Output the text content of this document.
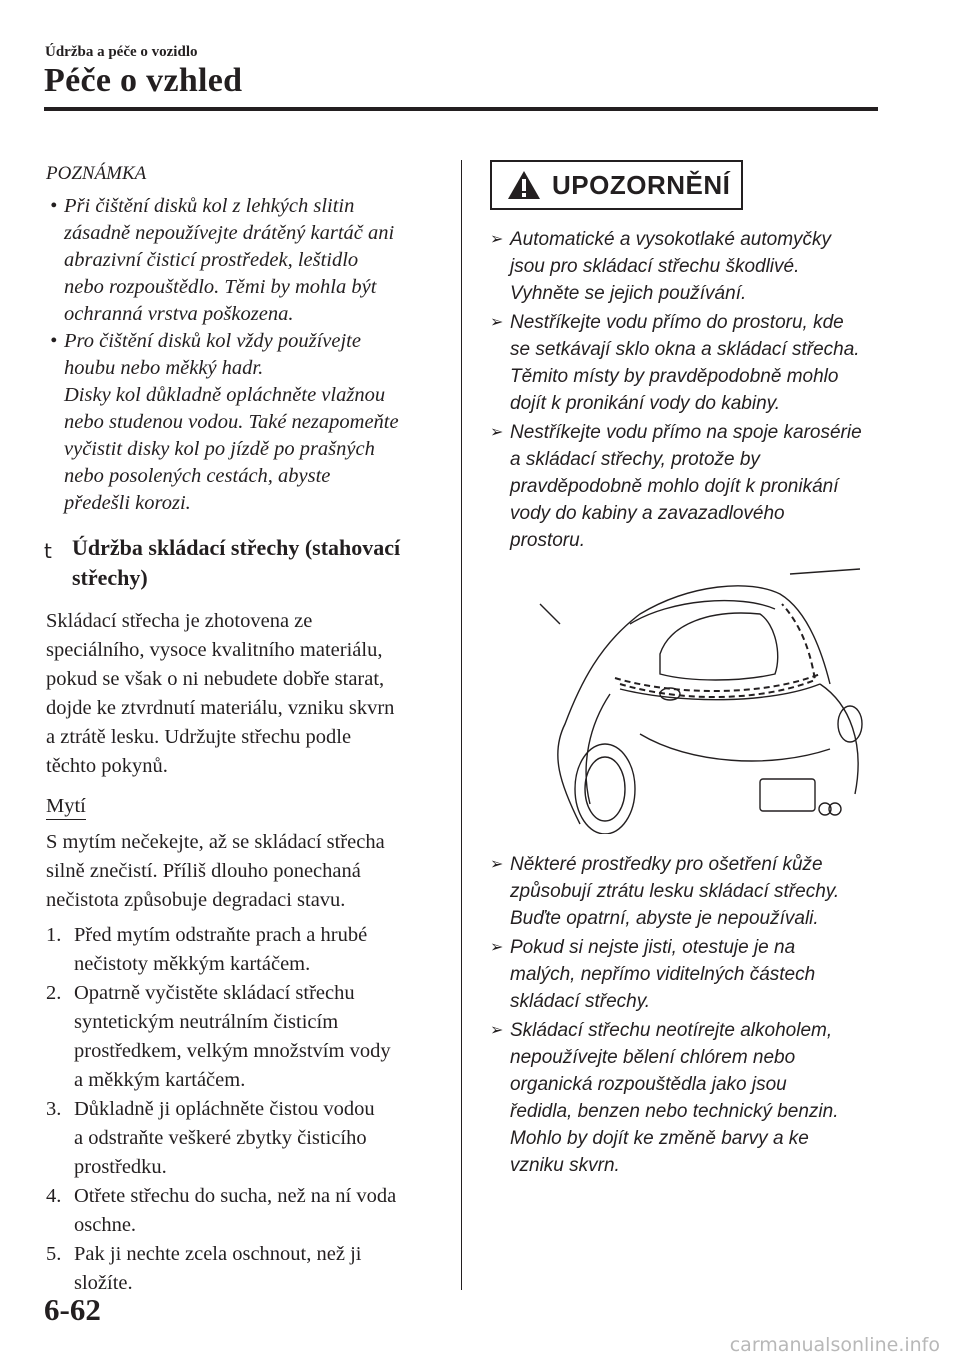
Údržba a péče o vozidlo
Péče o vzhled
POZNÁMKA
• Při čištění disků kol z lehkých slitin
zásadně nepoužívejte drátěný kartáč ani
abrazivní čisticí prostředek, leštidlo
nebo rozpouštědlo. Těmi by mohla být
ochranná vrstva poškozena.
• Pro čištění disků kol vždy používejte
houbu nebo měkký hadr.
Disky kol důkladně opláchněte vlažnou
nebo studenou vodou. Také nezapomeňte
vyčistit disky kol po jízdě po prašných
nebo posolených cestách, abyste
předešli korozi.
t Údržba skládací střechy (stahovací
střechy)
Skládací střecha je zhotovena ze
speciálního, vysoce kvalitního materiálu,
pokud se však o ni nebudete dobře starat,
dojde ke ztvrdnutí materiálu, vzniku skvrn
a ztrátě lesku. Udržujte střechu podle
těchto pokynů.
Mytí
S mytím nečekejte, až se skládací střecha
silně znečistí. Příliš dlouho ponechaná
nečistota způsobuje degradaci stavu.
1. Před mytím odstraňte prach a hrubé
nečistoty měkkým kartáčem.
2. Opatrně vyčistěte skládací střechu
syntetickým neutrálním čisticím
prostředkem, velkým množstvím vody
a měkkým kartáčem.
3. Důkladně ji opláchněte čistou vodou
a odstraňte veškeré zbytky čisticího
prostředku.
4. Otřete střechu do sucha, než na ní voda
oschne.
5. Pak ji nechte zcela oschnout, než ji
složíte.
UPOZORNĚNÍ
➢ Automatické a vysokotlaké automyčky
jsou pro skládací střechu škodlivé.
Vyhněte se jejich používání.
➢ Nestříkejte vodu přímo do prostoru, kde
se setkávají sklo okna a skládací střecha.
Těmito místy by pravděpodobně mohlo
dojít k pronikání vody do kabiny.
➢ Nestříkejte vodu přímo na spoje karosérie
a skládací střechy, protože by
pravděpodobně mohlo dojít k pronikání
vody do kabiny a zavazadlového
prostoru.
➢ Některé prostředky pro ošetření kůže
způsobují ztrátu lesku skládací střechy.
Buďte opatrní, abyste je nepoužívali.
➢ Pokud si nejste jisti, otestuje je na
malých, nepřímo viditelných částech
skládací střechy.
➢ Skládací střechu neotírejte alkoholem,
nepoužívejte bělení chlórem nebo
organická rozpouštědla jako jsou
ředidla, benzen nebo technický benzin.
Mohlo by dojít ke změně barvy a ke
vzniku skvrn.
6-62
carmanualsonline.info
